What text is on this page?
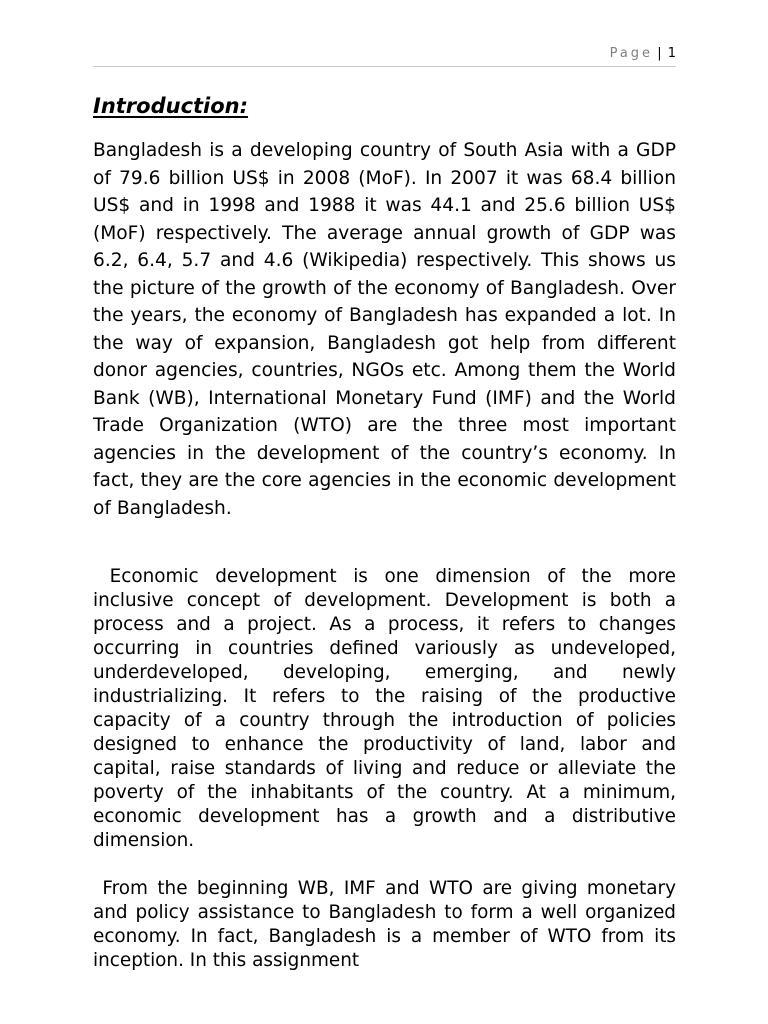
Page | 1
Introduction:

Bangladesh is a developing country of South Asia with a GDP of 79.6 billion US$ in 2008 (MoF). In 2007 it was 68.4 billion US$ and in 1998 and 1988 it was 44.1 and 25.6 billion US$ (MoF) respectively. The average annual growth of GDP was 6.2, 6.4, 5.7 and 4.6 (Wikipedia) respectively. This shows us the picture of the growth of the economy of Bangladesh. Over the years, the economy of Bangladesh has expanded a lot. In the way of expansion, Bangladesh got help from different donor agencies, countries, NGOs etc. Among them the World Bank (WB), International Monetary Fund (IMF) and the World Trade Organization (WTO) are the three most important agencies in the development of the country’s economy. In fact, they are the core agencies in the economic development of Bangladesh.

Economic development is one dimension of the more inclusive concept of development. Development is both a process and a project. As a process, it refers to changes occurring in countries defined variously as undeveloped, underdeveloped, developing, emerging, and newly industrializing. It refers to the raising of the productive capacity of a country through the introduction of policies designed to enhance the productivity of land, labor and capital, raise standards of living and reduce or alleviate the poverty of the inhabitants of the country. At a minimum, economic development has a growth and a distributive dimension.

From the beginning WB, IMF and WTO are giving monetary and policy assistance to Bangladesh to form a well organized economy. In fact, Bangladesh is a member of WTO from its inception. In this assignment
